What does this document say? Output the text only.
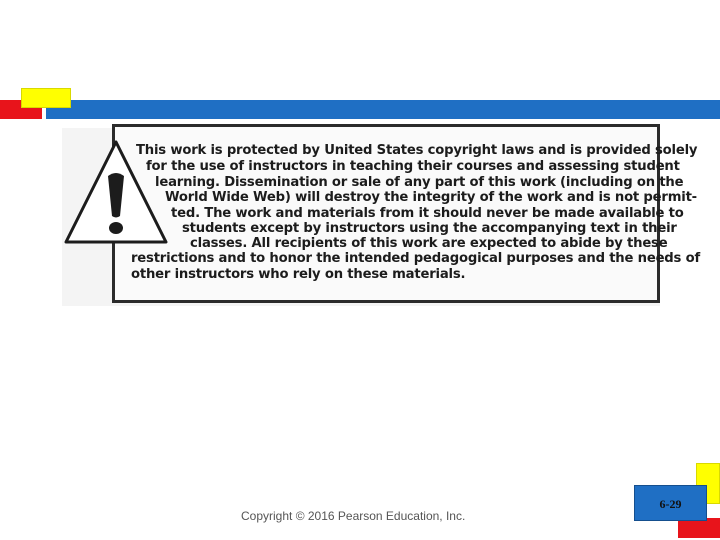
This work is protected by United States copyright laws and is provided solely
for the use of instructors in teaching their courses and assessing student
learning. Dissemination or sale of any part of this work (including on the
World Wide Web) will destroy the integrity of the work and is not permit-
ted. The work and materials from it should never be made available to
students except by instructors using the accompanying text in their
classes. All recipients of this work are expected to abide by these
restrictions and to honor the intended pedagogical purposes and the needs of
other instructors who rely on these materials.
Copyright © 2016 Pearson Education, Inc.
6-29
